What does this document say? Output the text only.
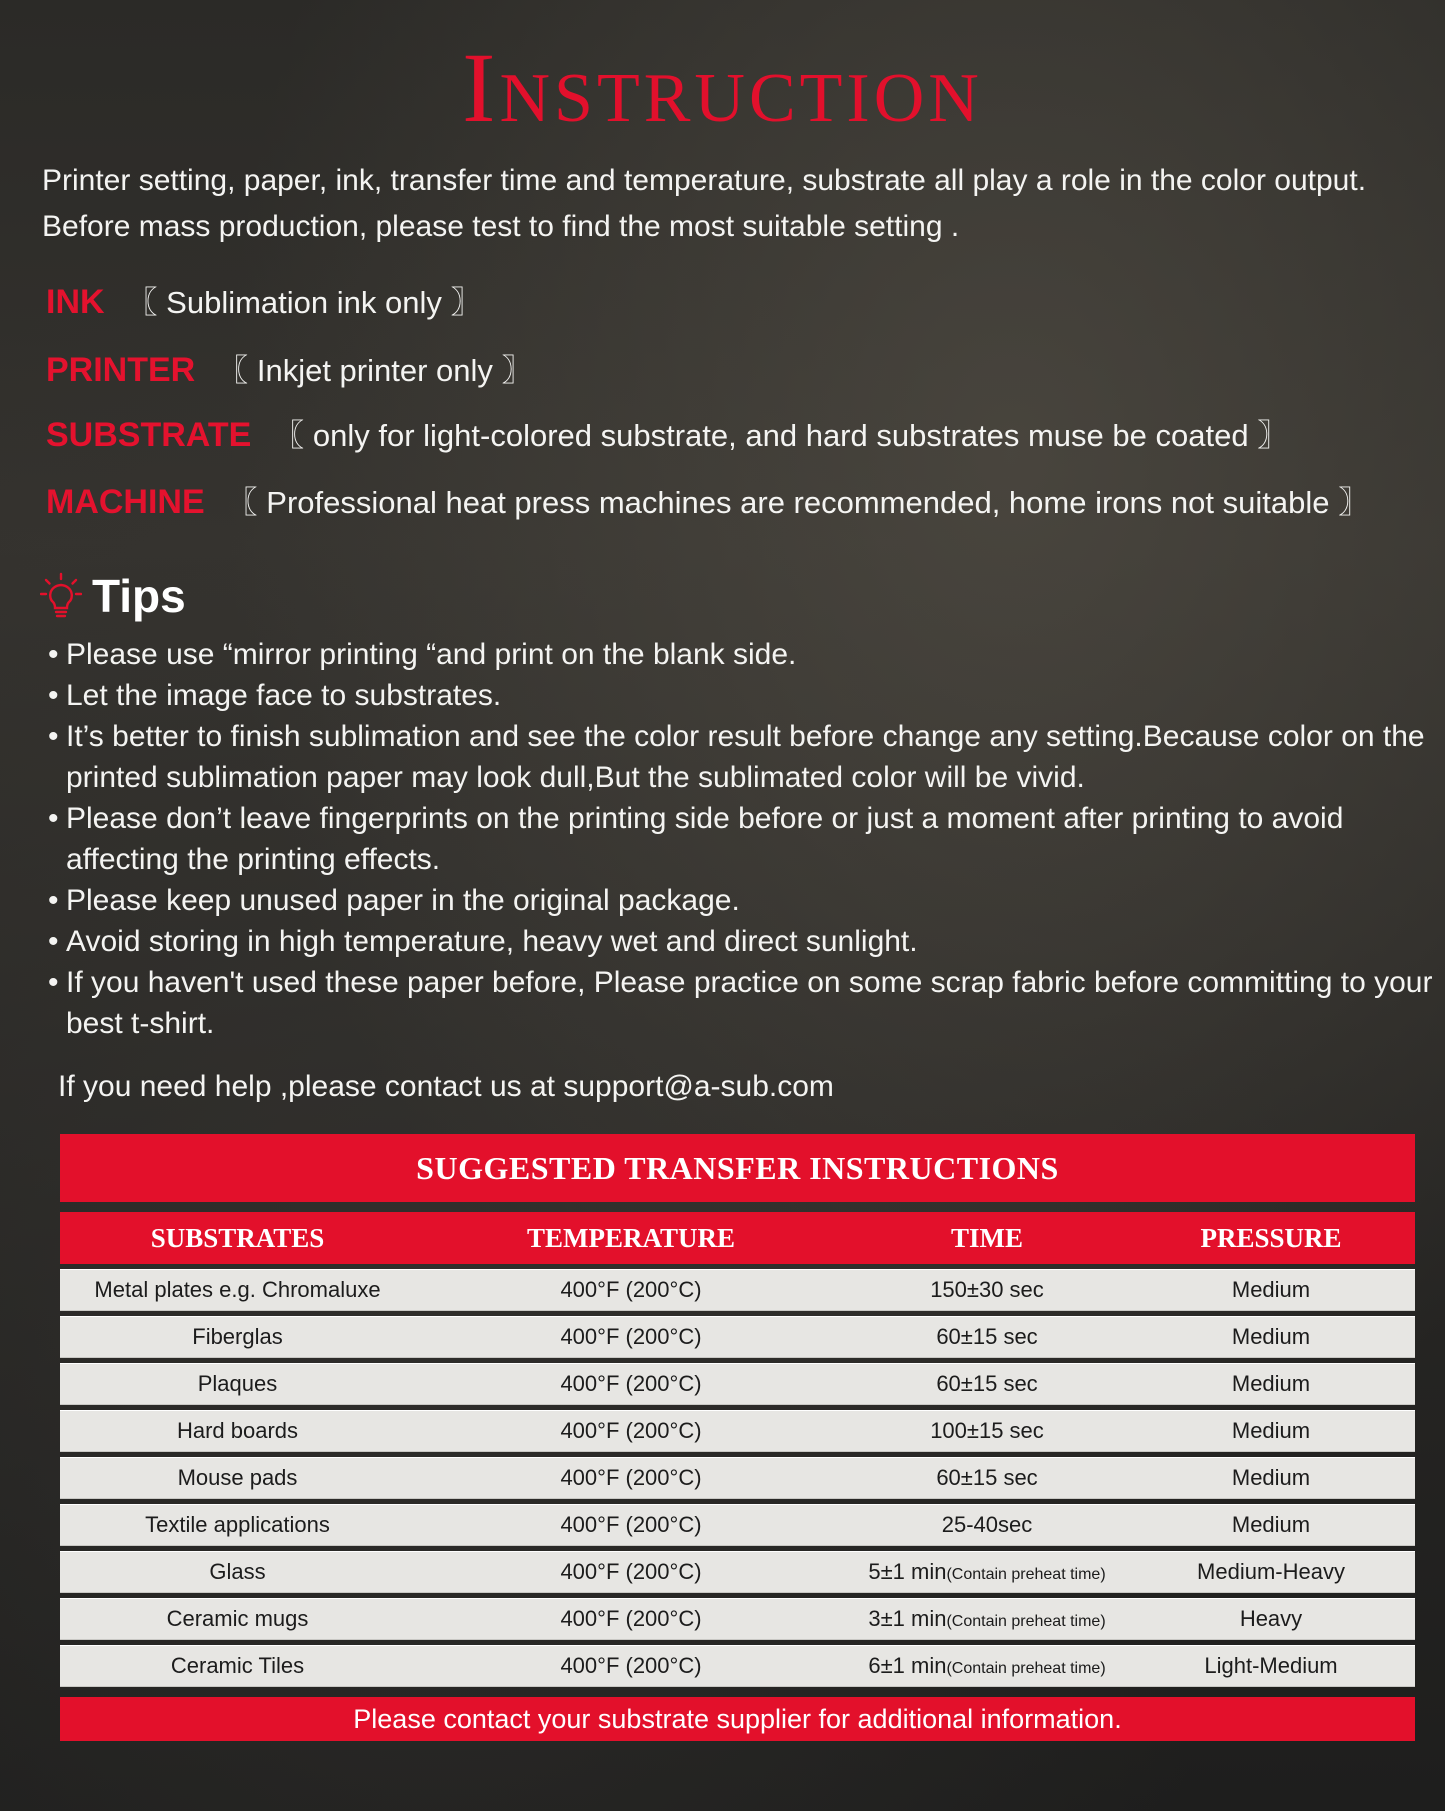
Instruction
Printer setting, paper, ink, transfer time and temperature, substrate all play a role in the color output. Before mass production, please test to find the most suitable setting .
INK 〖 Sublimation ink only 〗
PRINTER 〖 Inkjet printer only 〗
SUBSTRATE 〖 only for light-colored substrate, and hard substrates muse be coated 〗
MACHINE 〖 Professional heat press machines are recommended, home irons not suitable 〗
Tips
• Please use “mirror printing “and print on the blank side.
• Let the image face to substrates.
• It’s better to finish sublimation and see the color result before change any setting.Because color on the printed sublimation paper may look dull,But the sublimated color will be vivid.
• Please don’t leave fingerprints on the printing side before or just a moment after printing to avoid affecting the printing effects.
• Please keep unused paper in the original package.
• Avoid storing in high temperature, heavy wet and direct sunlight.
• If you haven't used these paper before, Please practice on some scrap fabric before committing to your best t-shirt.
If you need help ,please contact us at support@a-sub.com
SUGGESTED TRANSFER INSTRUCTIONS
SUBSTRATES	TEMPERATURE	TIME	PRESSURE
Metal plates e.g. Chromaluxe	400°F (200°C)	150±30 sec	Medium
Fiberglas	400°F (200°C)	60±15 sec	Medium
Plaques	400°F (200°C)	60±15 sec	Medium
Hard boards	400°F (200°C)	100±15 sec	Medium
Mouse pads	400°F (200°C)	60±15 sec	Medium
Textile applications	400°F (200°C)	25-40sec	Medium
Glass	400°F (200°C)	5±1 min(Contain preheat time)	Medium-Heavy
Ceramic mugs	400°F (200°C)	3±1 min(Contain preheat time)	Heavy
Ceramic Tiles	400°F (200°C)	6±1 min(Contain preheat time)	Light-Medium
Please contact your substrate supplier for additional information.
